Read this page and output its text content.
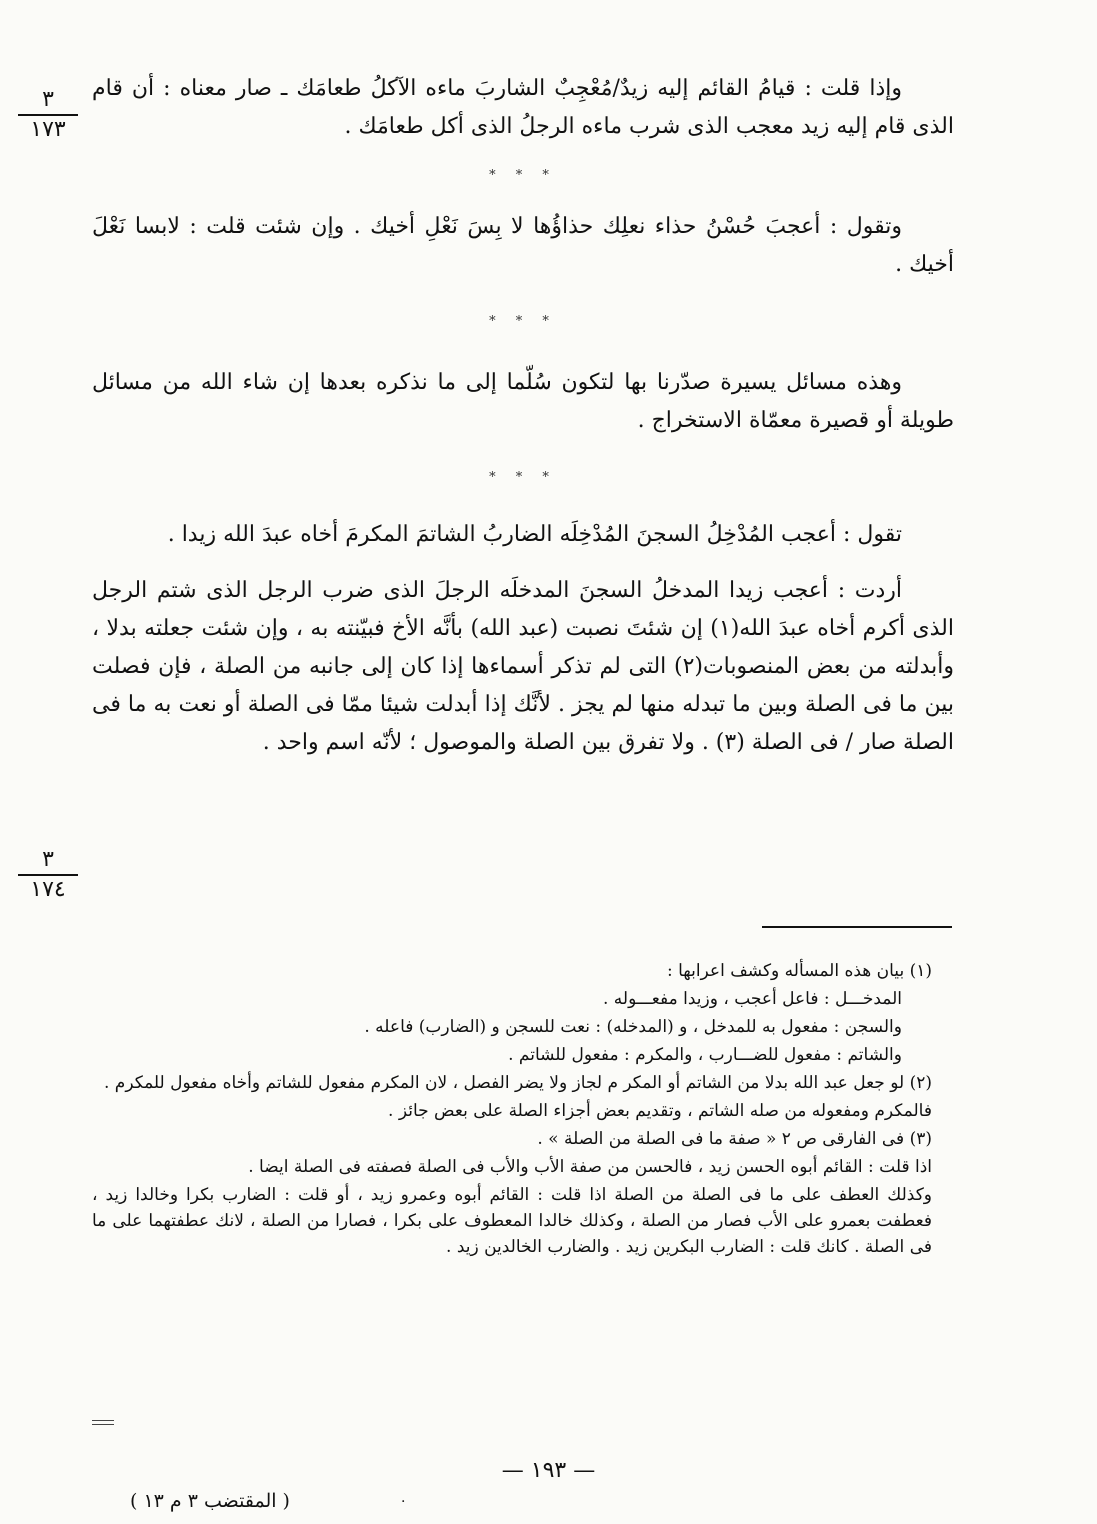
٣
١٧٣
٣
١٧٤

وإذا قلت : قيامُ القائم إليه زيدٌ/مُعْجِبٌ الشاربَ ماءه الآكلُ طعامَك ـ صار معناه : أن قام الذى قام إليه زيد معجب الذى شرب ماءه الرجلُ الذى أكل طعامَك .

* * *

وتقول : أعجبَ حُسْنُ حذاء نعلِك حذاؤُها لا بِسَ نَعْلِ أخيك . وإن شئت قلت : لابسا نَعْلَ أخيك .

* * *

وهذه مسائل يسيرة صدّرنا بها لتكون سُلّما إلى ما نذكره بعدها إن شاء الله من مسائل طويلة أو قصيرة معمّاة الاستخراج .

* * *

تقول : أعجب المُدْخِلُ السجنَ المُدْخِلَه الضاربُ الشاتمَ المكرمَ أخاه عبدَ الله زيدا .

أردت : أعجب زيدا المدخلُ السجنَ المدخلَه الرجلَ الذى ضرب الرجل الذى شتم الرجل الذى أكرم أخاه عبدَ الله(١) إن شئتَ نصبت (عبد الله) بأنَّه الأخ فبيّنته به ، وإن شئت جعلته بدلا ، وأبدلته من بعض المنصوبات(٢) التى لم تذكر أسماءها إذا كان إلى جانبه من الصلة ، فإن فصلت بين ما فى الصلة وبين ما تبدله منها لم يجز . لأنَّك إذا أبدلت شيئا ممّا فى الصلة أو نعت به ما فى الصلة صار / فى الصلة (٣) . ولا تفرق بين الصلة والموصول ؛ لأنّه اسم واحد .

(١) بيان هذه المسأله وكشف اعرابها :

المدخـــل : فاعل أعجب ، وزيدا مفعـــوله .

والسجن : مفعول به للمدخل ، و (المدخله) : نعت للسجن و (الضارب) فاعله .

والشاتم : مفعول للضـــارب ، والمكرم : مفعول للشاتم .

(٢) لو جعل عبد الله بدلا من الشاتم أو المكر م لجاز ولا يضر الفصل ، لان المكرم مفعول للشاتم وأخاه مفعول للمكرم .

فالمكرم ومفعوله من صله الشاتم ، وتقديم بعض أجزاء الصلة على بعض جائز .

(٣) فى الفارقى ص ٢ « صفة ما فى الصلة من الصلة » .

اذا قلت : القائم أبوه الحسن زيد ، فالحسن من صفة الأب والأب فى الصلة فصفته فى الصلة ايضا .

وكذلك العطف على ما فى الصلة من الصلة اذا قلت : القائم أبوه وعمرو زيد ، أو قلت : الضارب بكرا وخالدا زيد ، فعطفت بعمرو على الأب فصار من الصلة ، وكذلك خالدا المعطوف على بكرا ، فصارا من الصلة ، لانك عطفتهما على ما فى الصلة . كانك قلت : الضارب البكرين زيد . والضارب الخالدين زيد .

— ١٩٣ —
·
( المقتضب ٣ م ١٣ )
